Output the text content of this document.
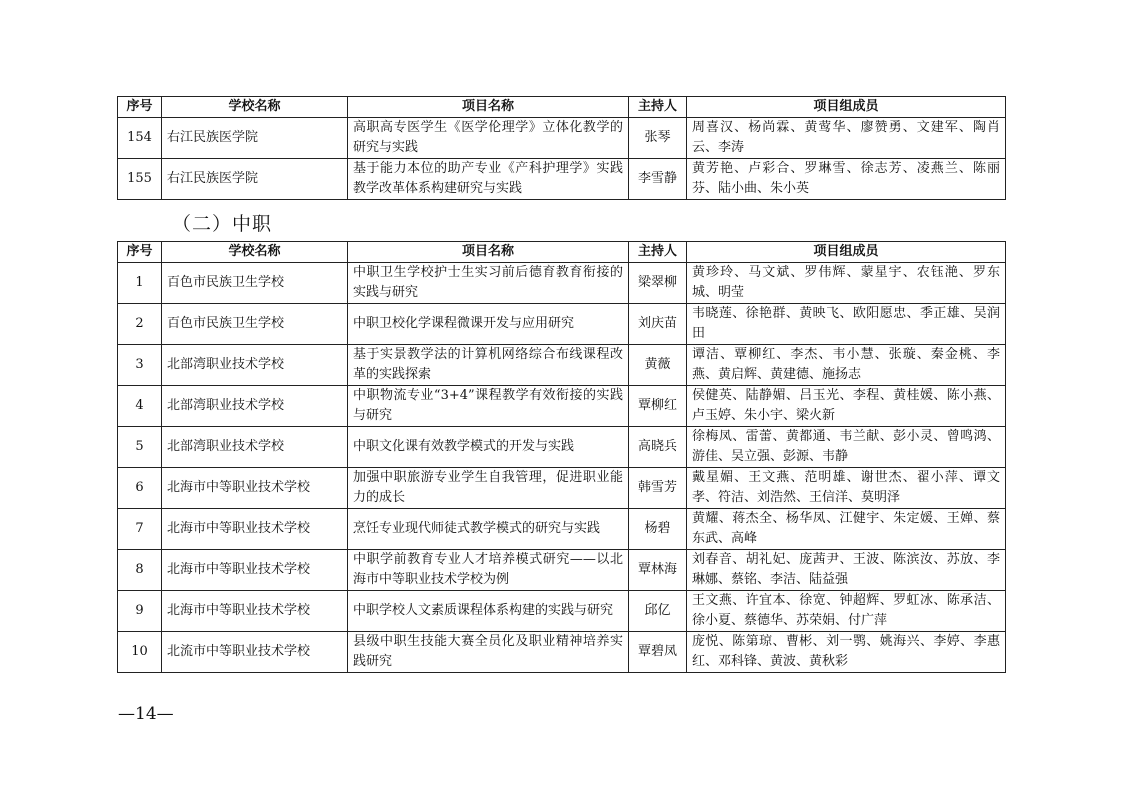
序号	学校名称	项目名称	主持人	项目组成员
154	右江民族医学院	高职高专医学生《医学伦理学》立体化教学的研究与实践	张琴	周喜汉、杨尚霖、黄莺华、廖赞勇、文建军、陶肖云、李涛
155	右江民族医学院	基于能力本位的助产专业《产科护理学》实践教学改革体系构建研究与实践	李雪静	黄芳艳、卢彩合、罗琳雪、徐志芳、凌燕兰、陈丽芬、陆小曲、朱小英
（二）中职
序号	学校名称	项目名称	主持人	项目组成员
1	百色市民族卫生学校	中职卫生学校护士生实习前后德育教育衔接的实践与研究	梁翠柳	黄珍玲、马文斌、罗伟辉、蒙星宇、农钰滟、罗东城、明莹
2	百色市民族卫生学校	中职卫校化学课程微课开发与应用研究	刘庆苗	韦晓莲、徐艳群、黄映飞、欧阳愿忠、季正雄、吴润田
3	北部湾职业技术学校	基于实景教学法的计算机网络综合布线课程改革的实践探索	黄薇	谭洁、覃柳红、李杰、韦小慧、张璇、秦金桃、李燕、黄启辉、黄建德、施扬志
4	北部湾职业技术学校	中职物流专业“3+4”课程教学有效衔接的实践与研究	覃柳红	侯健英、陆静媚、吕玉光、李程、黄桂媛、陈小燕、卢玉婷、朱小宇、梁火新
5	北部湾职业技术学校	中职文化课有效教学模式的开发与实践	高晓兵	徐梅凤、雷蕾、黄都通、韦兰献、彭小灵、曾鸣鸿、游佳、吴立强、彭源、韦静
6	北海市中等职业技术学校	加强中职旅游专业学生自我管理，促进职业能力的成长	韩雪芳	戴星媚、王文燕、范明雄、谢世杰、翟小萍、谭文孝、符洁、刘浩然、王信洋、莫明泽
7	北海市中等职业技术学校	烹饪专业现代师徒式教学模式的研究与实践	杨碧	黄耀、蒋杰全、杨华凤、江健宇、朱定媛、王婵、蔡东武、高峰
8	北海市中等职业技术学校	中职学前教育专业人才培养模式研究——以北海市中等职业技术学校为例	覃林海	刘春音、胡礼妃、庞茜尹、王波、陈滨汝、苏放、李琳娜、蔡铭、李洁、陆益强
9	北海市中等职业技术学校	中职学校人文素质课程体系构建的实践与研究	邱亿	王文燕、许宜本、徐宽、钟超辉、罗虹冰、陈承洁、徐小夏、蔡德华、苏荣娟、付广萍
10	北流市中等职业技术学校	县级中职生技能大赛全员化及职业精神培养实践研究	覃碧凤	庞悦、陈第琼、曹彬、刘一鹗、姚海兴、李婷、李惠红、邓科锋、黄波、黄秋彩
—14—
